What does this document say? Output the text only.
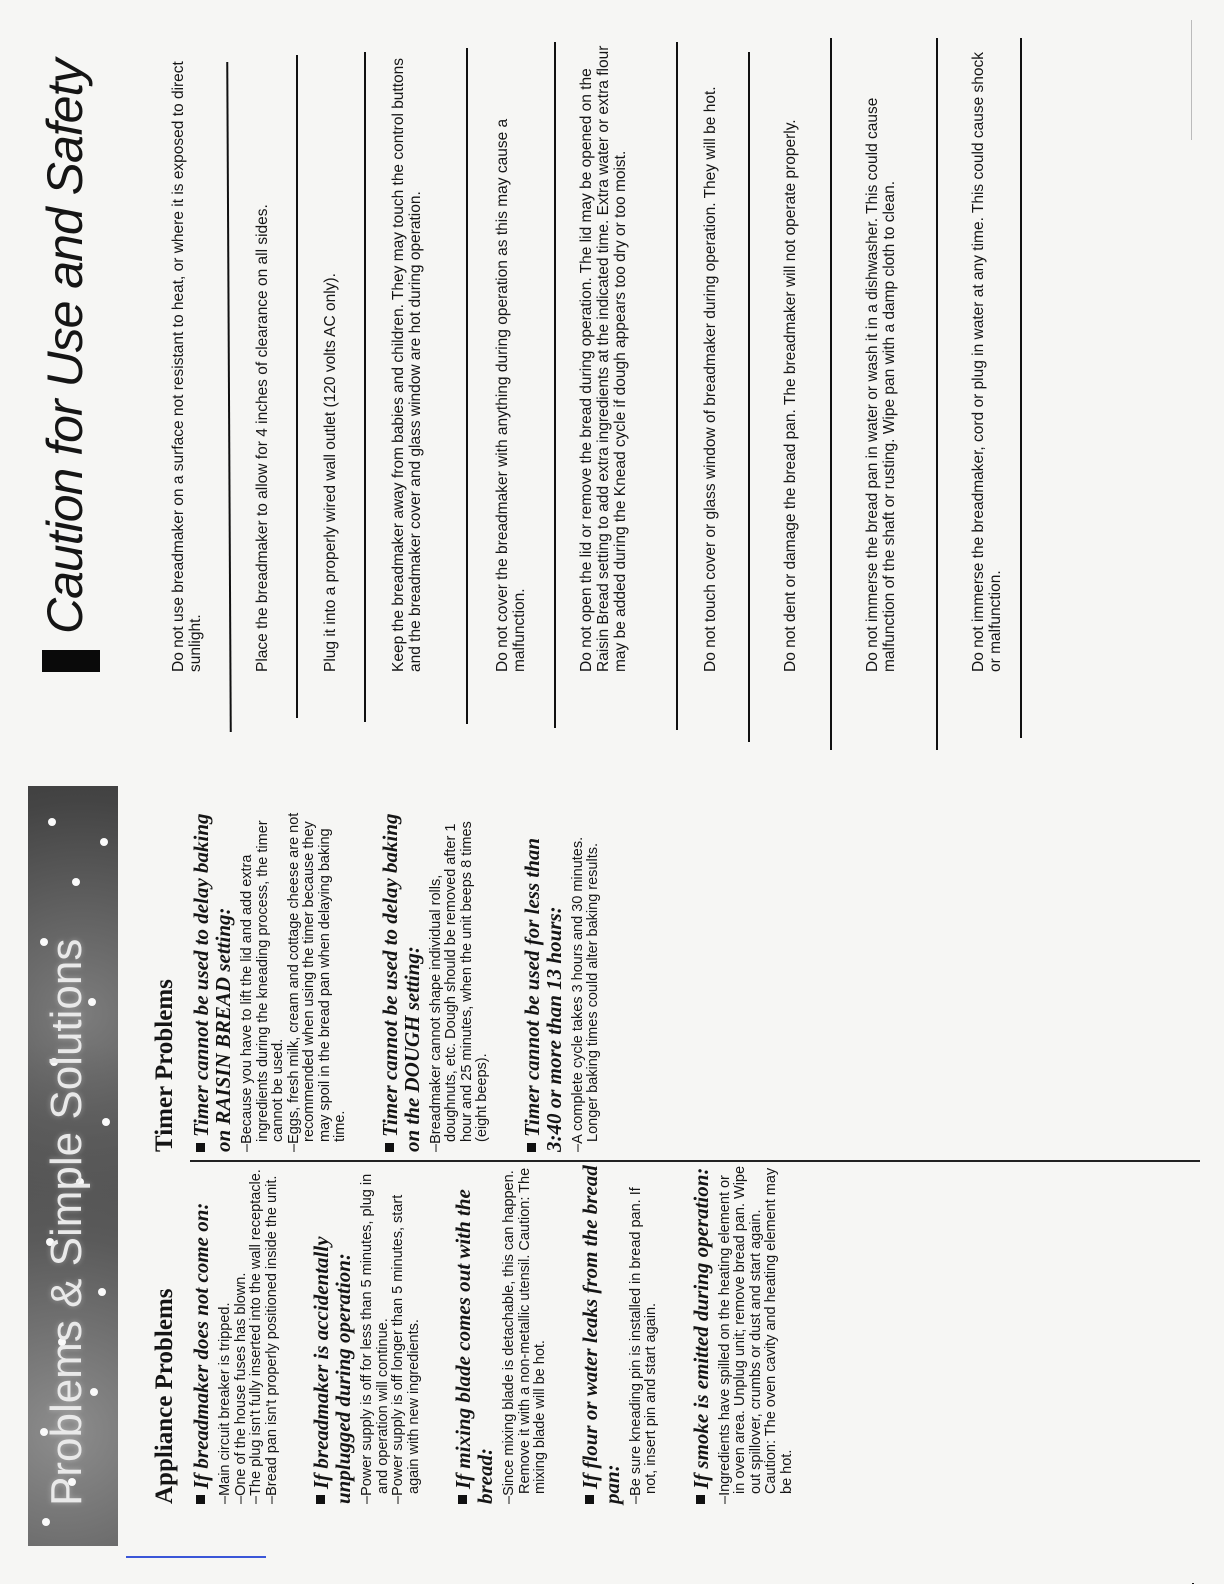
Problems & Simple Solutions Appliance Problems If breadmaker does not come on: –Main circuit breaker is tripped. –One of the house fuses has blown. –The plug isn't fully inserted into the wall receptacle. –Bread pan isn't properly positioned inside the unit. If breadmaker is accidentally unplugged during operation: –Power supply is off for less than 5 minutes, plug in and operation will continue. –Power supply is off longer than 5 minutes, start again with new ingredients. If mixing blade comes out with the bread: –Since mixing blade is detachable, this can happen. Remove it with a non-metallic utensil. Caution: The mixing blade will be hot. If flour or water leaks from the bread pan: –Be sure kneading pin is installed in bread pan. If not, insert pin and start again. If smoke is emitted during operation: –Ingredients have spilled on the heating element or in oven area. Unplug unit; remove bread pan. Wipe out spillover, crumbs or dust and start again. Caution: The oven cavity and heating element may be hot.

Timer Problems Timer cannot be used to delay baking on RAISIN BREAD setting: –Because you have to lift the lid and add extra ingredients during the kneading process, the timer cannot be used. –Eggs, fresh milk, cream and cottage cheese are not recommended when using the timer because they may spoil in the bread pan when delaying baking time. Timer cannot be used to delay baking on the DOUGH setting: –Breadmaker cannot shape individual rolls, doughnuts, etc. Dough should be removed after 1 hour and 25 minutes, when the unit beeps 8 times (eight beeps). Timer cannot be used for less than 3:40 or more than 13 hours: –A complete cycle takes 3 hours and 30 minutes. Longer baking times could alter baking results.

Caution for Use and Safety	Do not use breadmaker on a surface not resistant to heat, or where it is exposed to direct sunlight.	Place the breadmaker to allow for 4 inches of clearance on all sides.	Plug it into a properly wired wall outlet (120 volts AC only).	Keep the breadmaker away from babies and children. They may touch the control buttons and the breadmaker cover and glass window are hot during operation.	Do not cover the breadmaker with anything during operation as this may cause a malfunction.	Do not open the lid or remove the bread during operation. The lid may be opened on the Raisin Bread setting to add extra ingredients at the indicated time. Extra water or extra flour may be added during the Knead cycle if dough appears too dry or too moist.	Do not touch cover or glass window of breadmaker during operation. They will be hot.	Do not dent or damage the bread pan. The breadmaker will not operate properly.	Do not immerse the bread pan in water or wash it in a dishwasher. This could cause malfunction of the shaft or rusting. Wipe pan with a damp cloth to clean.	Do not immerse the breadmaker, cord or plug in water at any time. This could cause shock or malfunction.
